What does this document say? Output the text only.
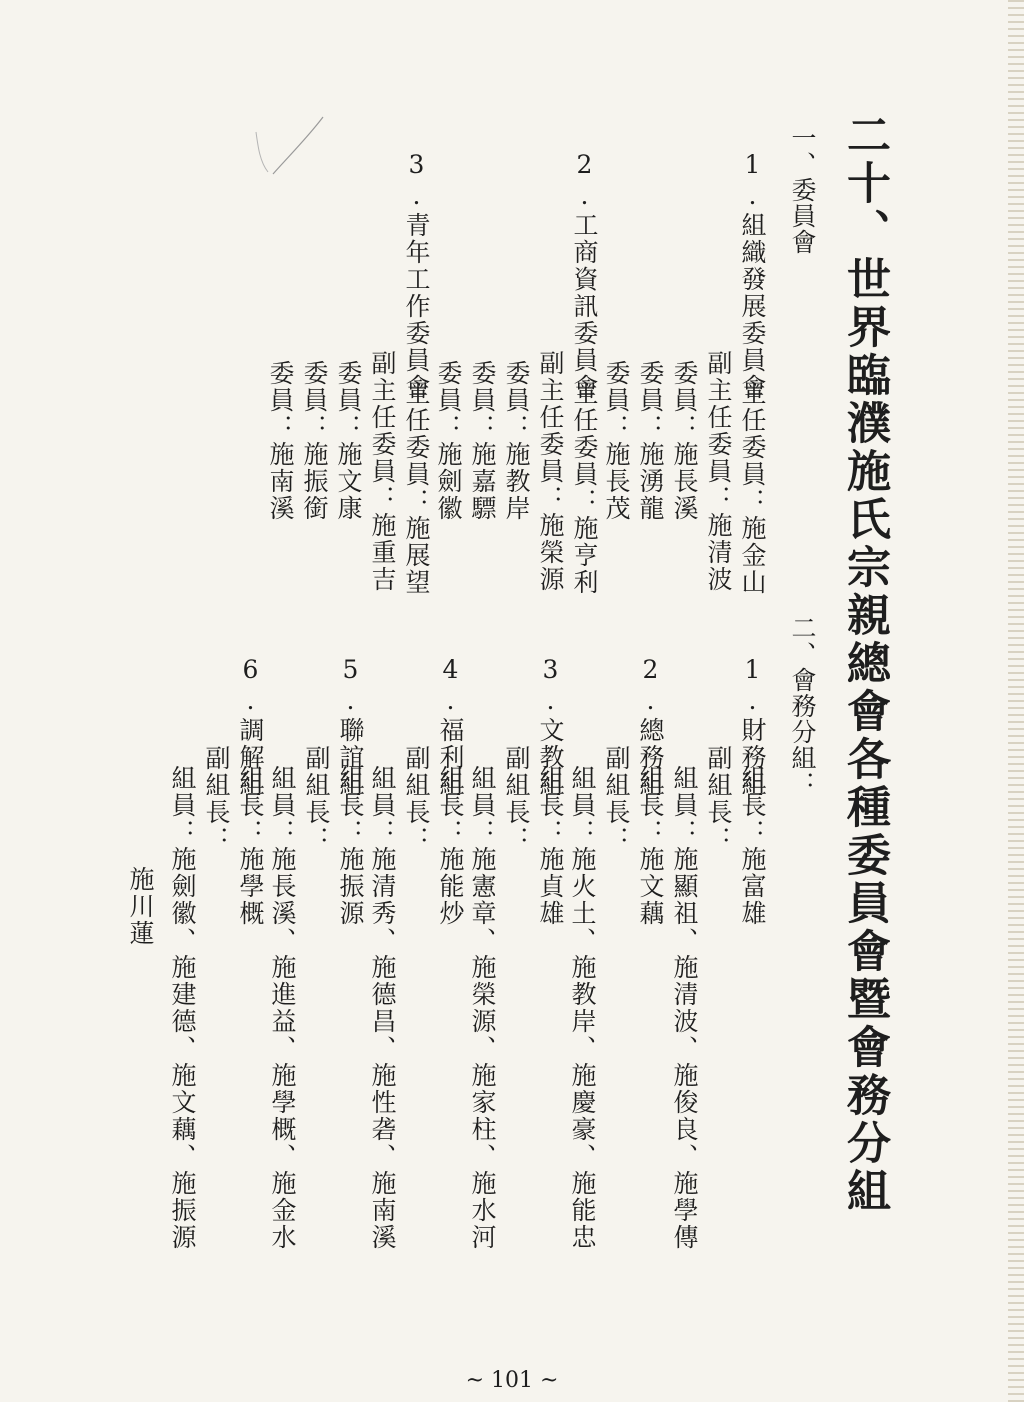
二十、世界臨濮施氏宗親總會各種委員會暨會務分組
一、委員會
1.組織發展委員會
主任委員：施金山
副主任委員：施清波
委員：施長溪
委員：施湧龍
委員：施長茂
2.工商資訊委員會
主任委員：施亨利
副主任委員：施榮源
委員：施教岸
委員：施嘉驃
委員：施劍徽
3.青年工作委員會
主任委員：施展望
副主任委員：施重吉
委員：施文康
委員：施振銜
委員：施南溪
二、會務分組：
1.財務組
組長：施富雄
副組長：
組員：施顯祖、施清波、施俊良、施學傳
2.總務組
組長：施文藕
副組長：
組員：施火土、施教岸、施慶豪、施能忠
3.文教組
組長：施貞雄
副組長：
組員：施憲章、施榮源、施家柱、施水河
4.福利組
組長：施能炒
副組長：
組員：施清秀、施德昌、施性砻、施南溪
5.聯誼組
組長：施振源
副組長：
組員：施長溪、施進益、施學概、施金水
6.調解組
組長：施學概
副組長：
組員：施劍徽、施建德、施文藕、施振源
施川蓮
~ 101 ~
